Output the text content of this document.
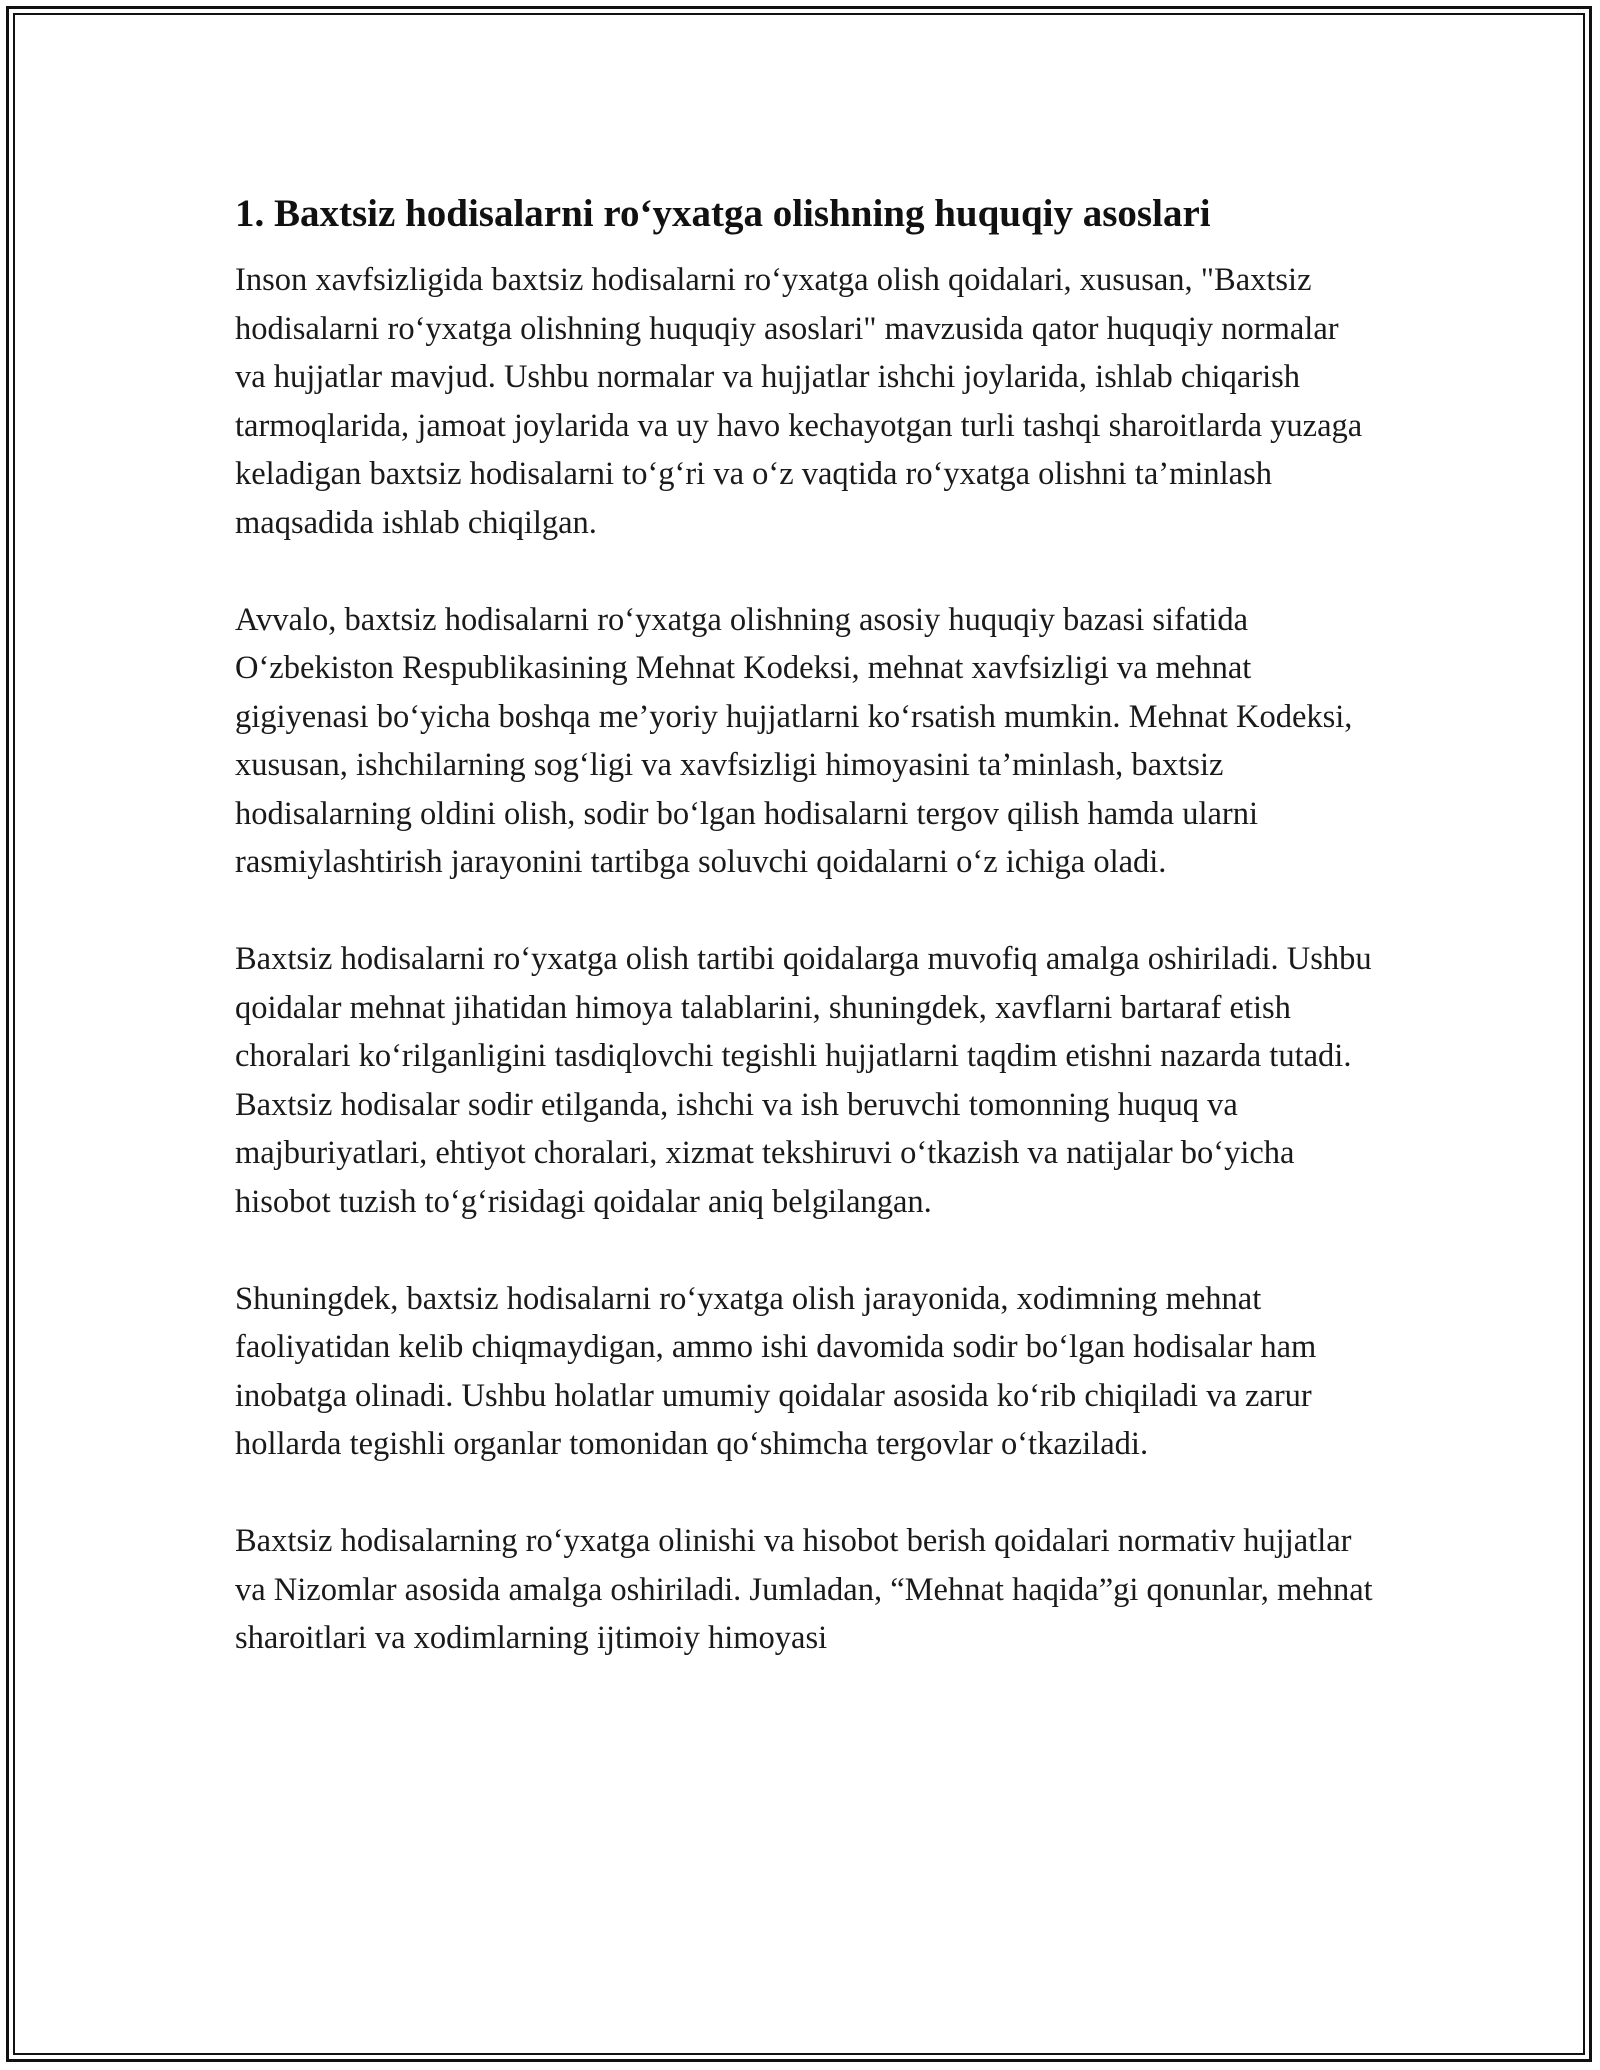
1. Baxtsiz hodisalarni ro‘yxatga olishning huquqiy asoslari

Inson xavfsizligida baxtsiz hodisalarni ro‘yxatga olish qoidalari, xususan, "Baxtsiz hodisalarni ro‘yxatga olishning huquqiy asoslari" mavzusida qator huquqiy normalar va hujjatlar mavjud. Ushbu normalar va hujjatlar ishchi joylarida, ishlab chiqarish tarmoqlarida, jamoat joylarida va uy havo kechayotgan turli tashqi sharoitlarda yuzaga keladigan baxtsiz hodisalarni to‘g‘ri va o‘z vaqtida ro‘yxatga olishni ta’minlash maqsadida ishlab chiqilgan.

Avvalo, baxtsiz hodisalarni ro‘yxatga olishning asosiy huquqiy bazasi sifatida O‘zbekiston Respublikasining Mehnat Kodeksi, mehnat xavfsizligi va mehnat gigiyenasi bo‘yicha boshqa me’yoriy hujjatlarni ko‘rsatish mumkin. Mehnat Kodeksi, xususan, ishchilarning sog‘ligi va xavfsizligi himoyasini ta’minlash, baxtsiz hodisalarning oldini olish, sodir bo‘lgan hodisalarni tergov qilish hamda ularni rasmiylashtirish jarayonini tartibga soluvchi qoidalarni o‘z ichiga oladi.

Baxtsiz hodisalarni ro‘yxatga olish tartibi qoidalarga muvofiq amalga oshiriladi. Ushbu qoidalar mehnat jihatidan himoya talablarini, shuningdek, xavflarni bartaraf etish choralari ko‘rilganligini tasdiqlovchi tegishli hujjatlarni taqdim etishni nazarda tutadi. Baxtsiz hodisalar sodir etilganda, ishchi va ish beruvchi tomonning huquq va majburiyatlari, ehtiyot choralari, xizmat tekshiruvi o‘tkazish va natijalar bo‘yicha hisobot tuzish to‘g‘risidagi qoidalar aniq belgilangan.

Shuningdek, baxtsiz hodisalarni ro‘yxatga olish jarayonida, xodimning mehnat faoliyatidan kelib chiqmaydigan, ammo ishi davomida sodir bo‘lgan hodisalar ham inobatga olinadi. Ushbu holatlar umumiy qoidalar asosida ko‘rib chiqiladi va zarur hollarda tegishli organlar tomonidan qo‘shimcha tergovlar o‘tkaziladi.

Baxtsiz hodisalarning ro‘yxatga olinishi va hisobot berish qoidalari normativ hujjatlar va Nizomlar asosida amalga oshiriladi. Jumladan, “Mehnat haqida”gi qonunlar, mehnat sharoitlari va xodimlarning ijtimoiy himoyasi
